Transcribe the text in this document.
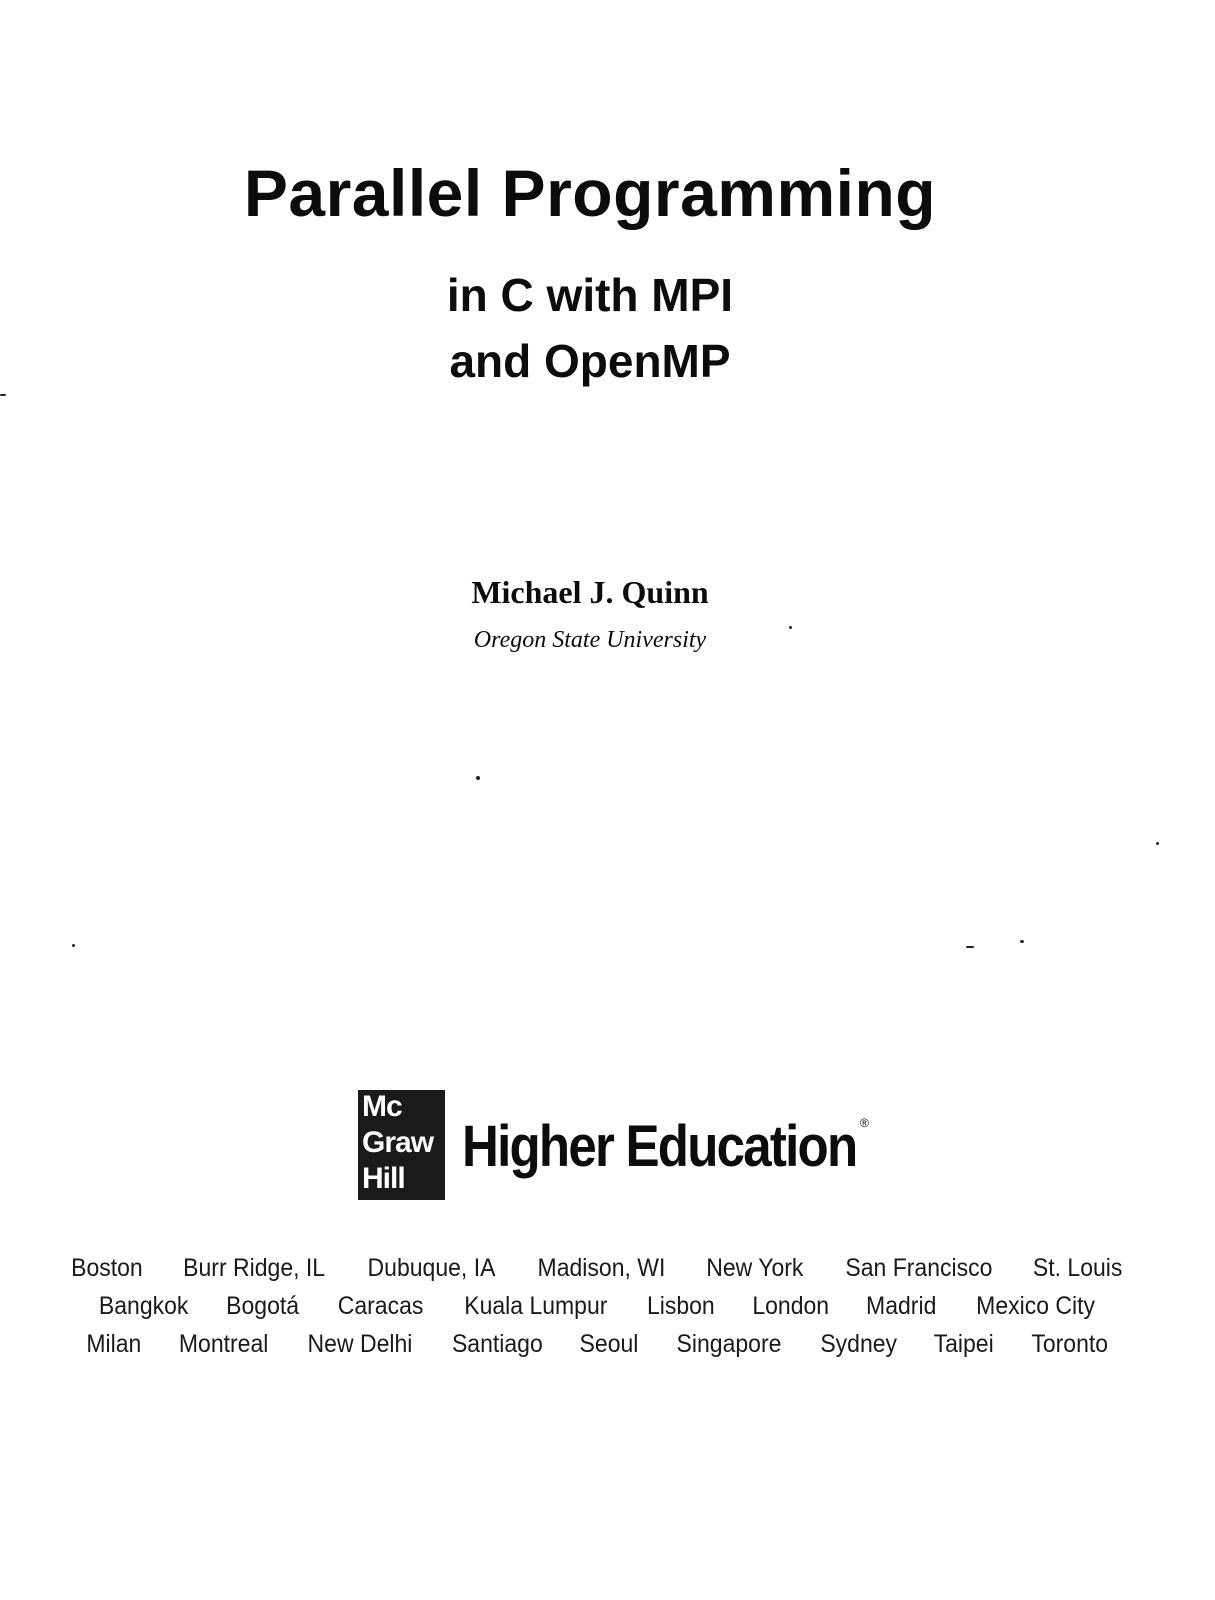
Parallel Programming
in C with MPI
and OpenMP
Michael J. Quinn
Oregon State University
Mc
Graw
Hill Higher Education ®
Boston Burr Ridge, IL Dubuque, IA Madison, WI New York San Francisco St. Louis
Bangkok Bogotá Caracas Kuala Lumpur Lisbon London Madrid Mexico City
Milan Montreal New Delhi Santiago Seoul Singapore Sydney Taipei Toronto
